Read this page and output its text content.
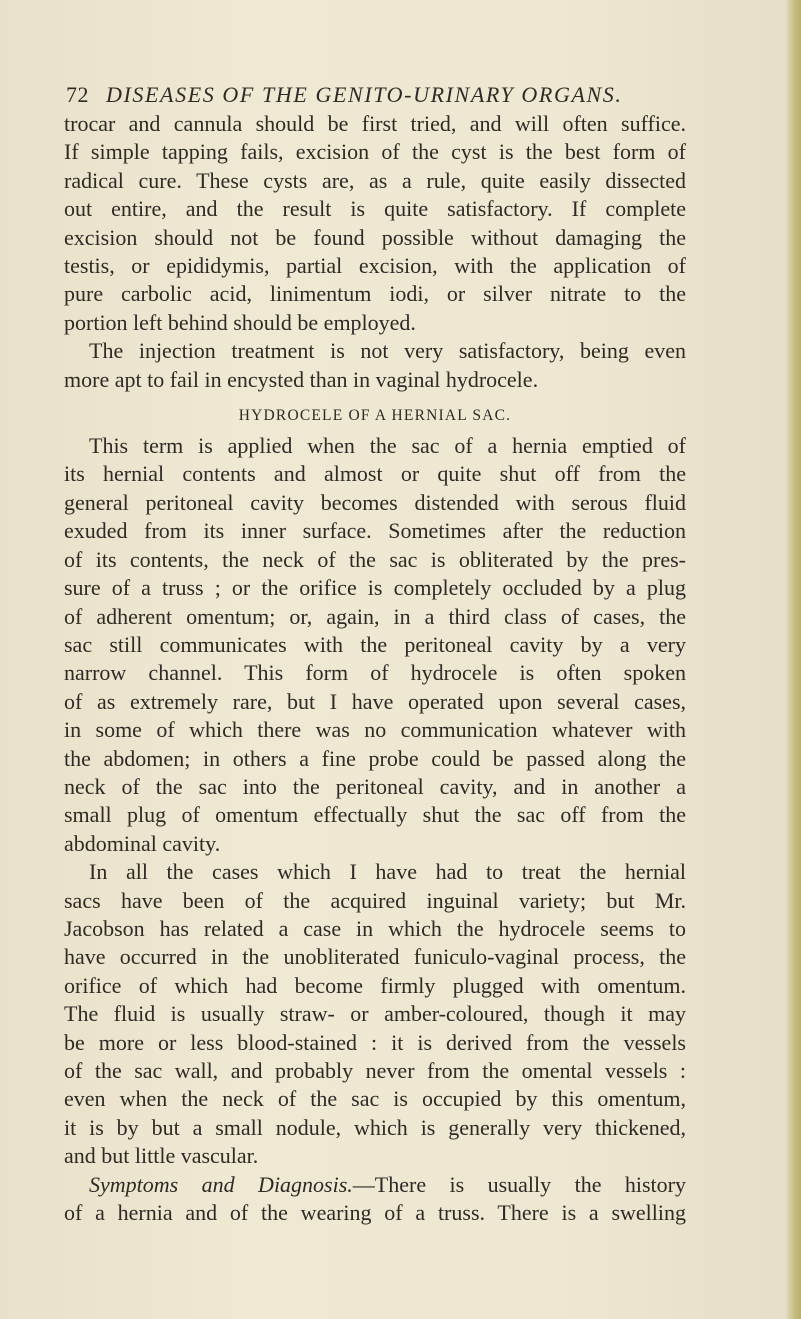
72 DISEASES OF THE GENITO-URINARY ORGANS.
trocar and cannula should be first tried, and will often suffice.
If simple tapping fails, excision of the cyst is the best form of
radical cure. These cysts are, as a rule, quite easily dissected
out entire, and the result is quite satisfactory. If complete
excision should not be found possible without damaging the
testis, or epididymis, partial excision, with the application of
pure carbolic acid, linimentum iodi, or silver nitrate to the
portion left behind should be employed.
The injection treatment is not very satisfactory, being even
more apt to fail in encysted than in vaginal hydrocele.
HYDROCELE OF A HERNIAL SAC.
This term is applied when the sac of a hernia emptied of
its hernial contents and almost or quite shut off from the
general peritoneal cavity becomes distended with serous fluid
exuded from its inner surface. Sometimes after the reduction
of its contents, the neck of the sac is obliterated by the pres-
sure of a truss ; or the orifice is completely occluded by a plug
of adherent omentum; or, again, in a third class of cases, the
sac still communicates with the peritoneal cavity by a very
narrow channel. This form of hydrocele is often spoken
of as extremely rare, but I have operated upon several cases,
in some of which there was no communication whatever with
the abdomen; in others a fine probe could be passed along the
neck of the sac into the peritoneal cavity, and in another a
small plug of omentum effectually shut the sac off from the
abdominal cavity.
In all the cases which I have had to treat the hernial
sacs have been of the acquired inguinal variety; but Mr.
Jacobson has related a case in which the hydrocele seems to
have occurred in the unobliterated funiculo-vaginal process, the
orifice of which had become firmly plugged with omentum.
The fluid is usually straw- or amber-coloured, though it may
be more or less blood-stained : it is derived from the vessels
of the sac wall, and probably never from the omental vessels :
even when the neck of the sac is occupied by this omentum,
it is by but a small nodule, which is generally very thickened,
and but little vascular.
Symptoms and Diagnosis.—There is usually the history
of a hernia and of the wearing of a truss. There is a swelling
